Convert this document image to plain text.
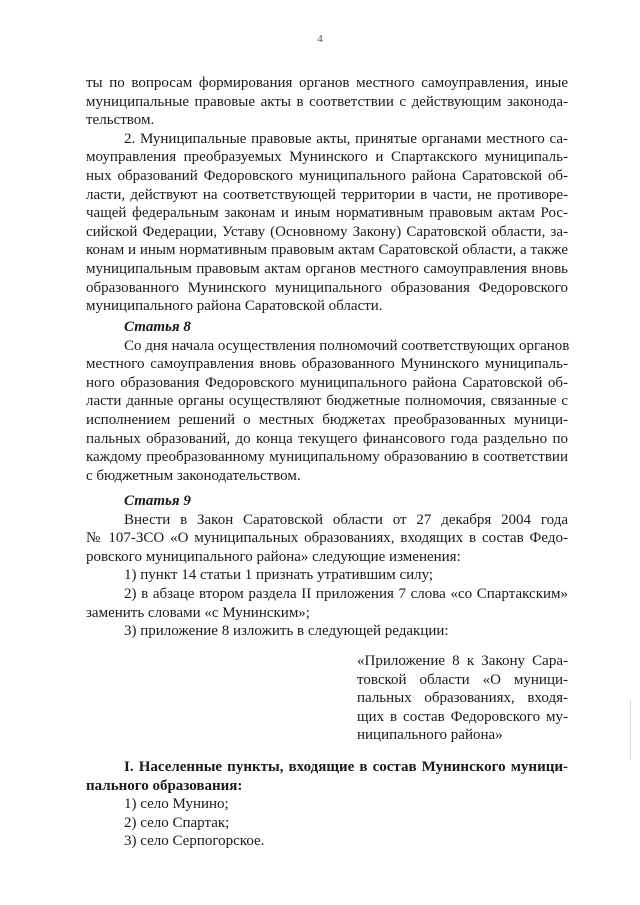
4
ты по вопросам формирования органов местного самоуправления, иные
муниципальные правовые акты в соответствии с действующим законода-
тельством.
2. Муниципальные правовые акты, принятые органами местного са-
моуправления преобразуемых Мунинского и Спартакского муниципаль-
ных образований Федоровского муниципального района Саратовской об-
ласти, действуют на соответствующей территории в части, не противоре-
чащей федеральным законам и иным нормативным правовым актам Рос-
сийской Федерации, Уставу (Основному Закону) Саратовской области, за-
конам и иным нормативным правовым актам Саратовской области, а также
муниципальным правовым актам органов местного самоуправления вновь
образованного Мунинского муниципального образования Федоровского
муниципального района Саратовской области.
Статья 8
Со дня начала осуществления полномочий соответствующих органов
местного самоуправления вновь образованного Мунинского муниципаль-
ного образования Федоровского муниципального района Саратовской об-
ласти данные органы осуществляют бюджетные полномочия, связанные с
исполнением решений о местных бюджетах преобразованных муници-
пальных образований, до конца текущего финансового года раздельно по
каждому преобразованному муниципальному образованию в соответствии
с бюджетным законодательством.
Статья 9
Внести в Закон Саратовской области от 27 декабря 2004 года
№ 107-ЗСО «О муниципальных образованиях, входящих в состав Федо-
ровского муниципального района» следующие изменения:
1) пункт 14 статьи 1 признать утратившим силу;
2) в абзаце втором раздела II приложения 7 слова «со Спартакским»
заменить словами «с Мунинским»;
3) приложение 8 изложить в следующей редакции:
«Приложение 8 к Закону Сара-
товской области «О муници-
пальных образованиях, входя-
щих в состав Федоровского му-
ниципального района»
I. Населенные пункты, входящие в состав Мунинского муници-
пального образования:
1) село Мунино;
2) село Спартак;
3) село Серпогорское.
